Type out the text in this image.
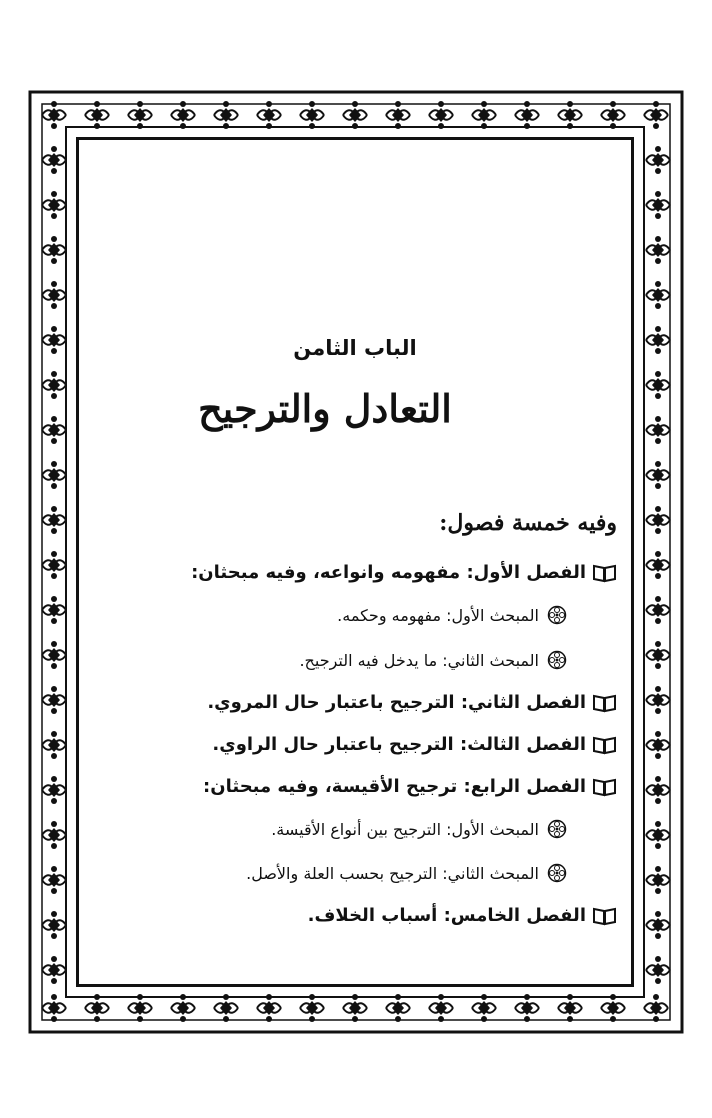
الباب الثامن
التعادل والترجيح
وفيه خمسة فصول:
الفصل الأول: مفهومه وانواعه، وفيه مبحثان:
المبحث الأول: مفهومه وحكمه.
المبحث الثاني: ما يدخل فيه الترجيح.
الفصل الثاني: الترجيح باعتبار حال المروي.
الفصل الثالث: الترجيح باعتبار حال الراوي.
الفصل الرابع: ترجيح الأقيسة، وفيه مبحثان:
المبحث الأول: الترجيح بين أنواع الأقيسة.
المبحث الثاني: الترجيح بحسب العلة والأصل.
الفصل الخامس: أسباب الخلاف.
